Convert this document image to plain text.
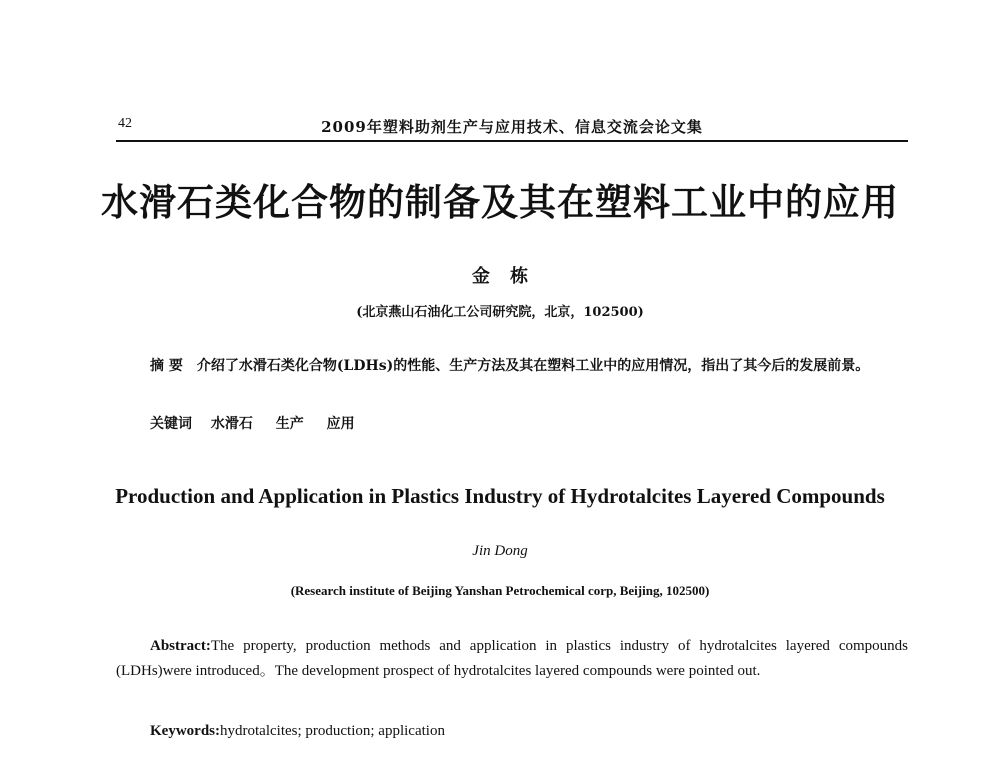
42	2009年塑料助剂生产与应用技术、信息交流会论文集
水滑石类化合物的制备及其在塑料工业中的应用
金 栋
(北京燕山石油化工公司研究院，北京，102500)
摘 要 介绍了水滑石类化合物(LDHs)的性能、生产方法及其在塑料工业中的应用情况，指出了其今后的发展前景。
关键词 水滑石 生产 应用
Production and Application in Plastics Industry of Hydrotalcites Layered Compounds
Jin Dong
(Research institute of Beijing Yanshan Petrochemical corp, Beijing, 102500)
Abstract:The property, production methods and application in plastics industry of hydrotalcites layered compounds (LDHs)were introduced。The development prospect of hydrotalcites layered compounds were pointed out.
Keywords:hydrotalcites; production; application
